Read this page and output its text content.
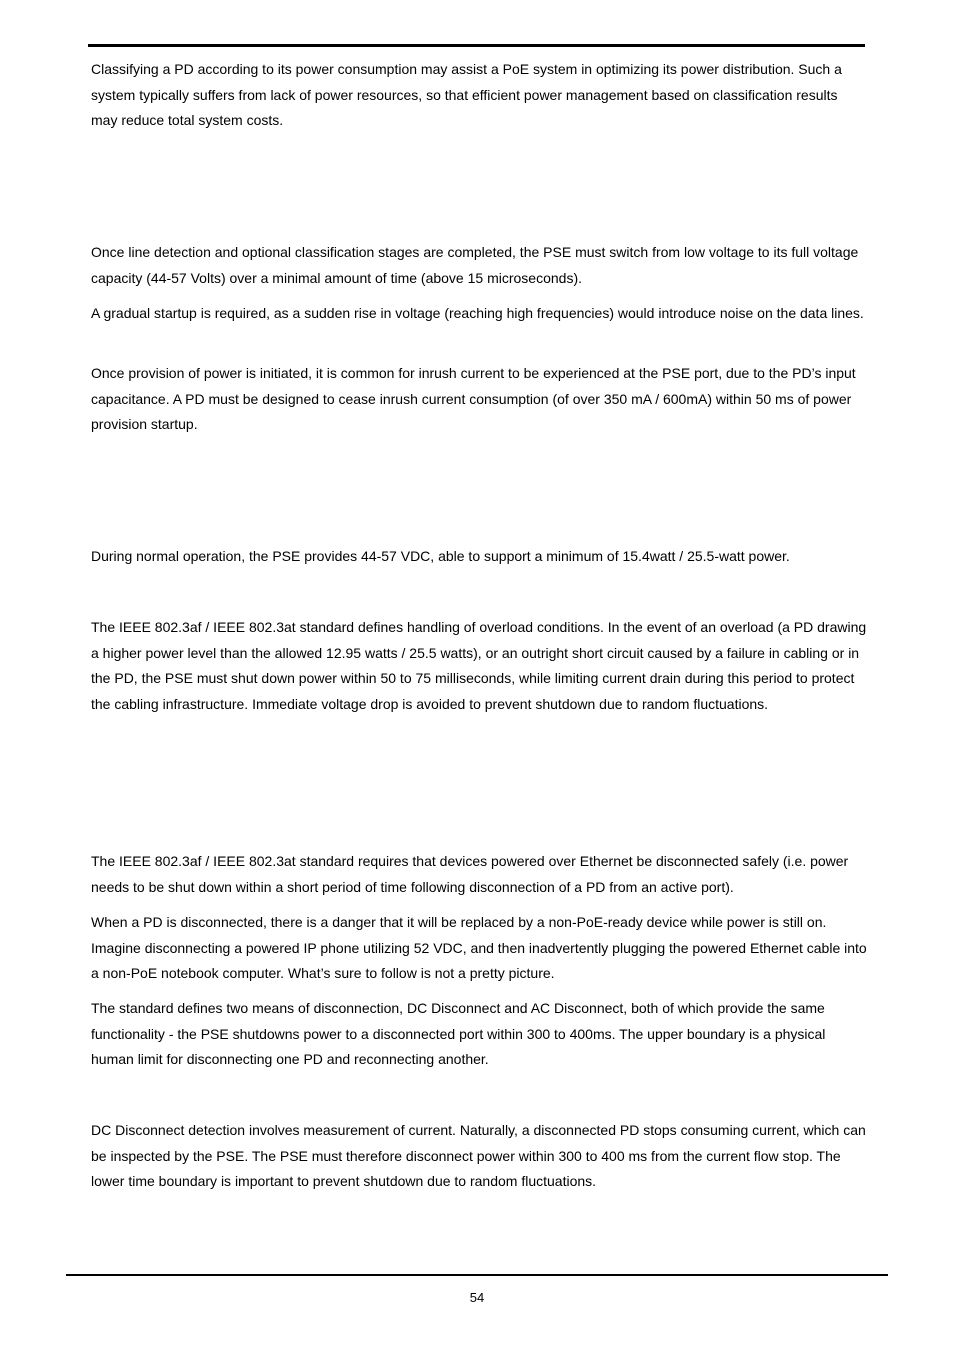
Classifying a PD according to its power consumption may assist a PoE system in optimizing its power distribution. Such a system typically suffers from lack of power resources, so that efficient power management based on classification results may reduce total system costs.

Once line detection and optional classification stages are completed, the PSE must switch from low voltage to its full voltage capacity (44-57 Volts) over a minimal amount of time (above 15 microseconds).

A gradual startup is required, as a sudden rise in voltage (reaching high frequencies) would introduce noise on the data lines.

Once provision of power is initiated, it is common for inrush current to be experienced at the PSE port, due to the PD’s input capacitance. A PD must be designed to cease inrush current consumption (of over 350 mA / 600mA) within 50 ms of power provision startup.

During normal operation, the PSE provides 44-57 VDC, able to support a minimum of 15.4watt / 25.5-watt power.

The IEEE 802.3af / IEEE 802.3at standard defines handling of overload conditions. In the event of an overload (a PD drawing a higher power level than the allowed 12.95 watts / 25.5 watts), or an outright short circuit caused by a failure in cabling or in the PD, the PSE must shut down power within 50 to 75 milliseconds, while limiting current drain during this period to protect the cabling infrastructure. Immediate voltage drop is avoided to prevent shutdown due to random fluctuations.

The IEEE 802.3af / IEEE 802.3at standard requires that devices powered over Ethernet be disconnected safely (i.e. power needs to be shut down within a short period of time following disconnection of a PD from an active port).

When a PD is disconnected, there is a danger that it will be replaced by a non-PoE-ready device while power is still on. Imagine disconnecting a powered IP phone utilizing 52 VDC, and then inadvertently plugging the powered Ethernet cable into a non-PoE notebook computer. What’s sure to follow is not a pretty picture.

The standard defines two means of disconnection, DC Disconnect and AC Disconnect, both of which provide the same functionality - the PSE shutdowns power to a disconnected port within 300 to 400ms. The upper boundary is a physical human limit for disconnecting one PD and reconnecting another.

DC Disconnect detection involves measurement of current. Naturally, a disconnected PD stops consuming current, which can be inspected by the PSE. The PSE must therefore disconnect power within 300 to 400 ms from the current flow stop. The lower time boundary is important to prevent shutdown due to random fluctuations.

54
